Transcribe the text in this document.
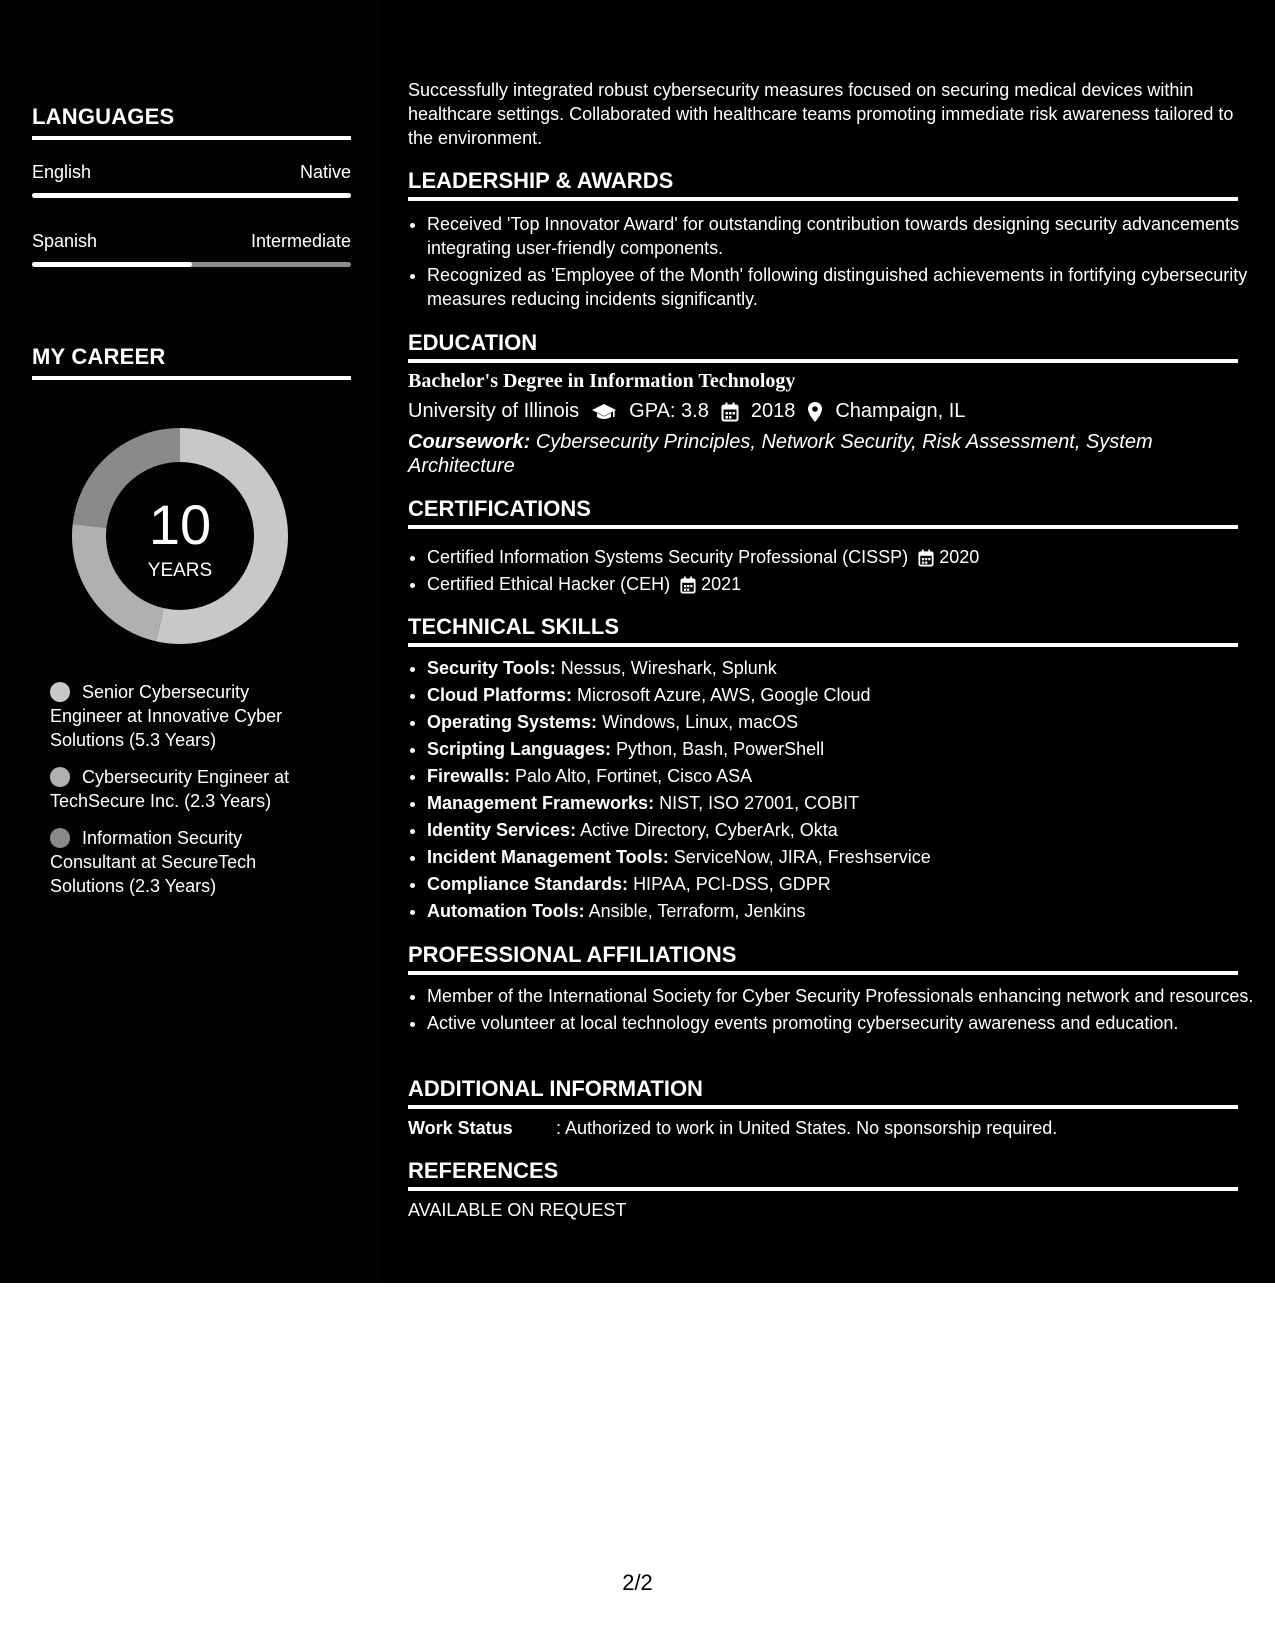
LANGUAGES
English	Native
Spanish	Intermediate
MY CAREER
10
YEARS
Senior Cybersecurity Engineer at Innovative Cyber Solutions (5.3 Years)
Cybersecurity Engineer at TechSecure Inc. (2.3 Years)
Information Security Consultant at SecureTech Solutions (2.3 Years)

Successfully integrated robust cybersecurity measures focused on securing medical devices within healthcare settings. Collaborated with healthcare teams promoting immediate risk awareness tailored to the environment.

LEADERSHIP & AWARDS
• Received 'Top Innovator Award' for outstanding contribution towards designing security advancements integrating user-friendly components.
• Recognized as 'Employee of the Month' following distinguished achievements in fortifying cybersecurity measures reducing incidents significantly.
EDUCATION
Bachelor's Degree in Information Technology
University of Illinois	GPA: 3.8 2018 Champaign, IL
Coursework: Cybersecurity Principles, Network Security, Risk Assessment, System Architecture
CERTIFICATIONS
• Certified Information Systems Security Professional (CISSP) 2020
• Certified Ethical Hacker (CEH) 2021
TECHNICAL SKILLS
• Security Tools: Nessus, Wireshark, Splunk
• Cloud Platforms: Microsoft Azure, AWS, Google Cloud
• Operating Systems: Windows, Linux, macOS
• Scripting Languages: Python, Bash, PowerShell
• Firewalls: Palo Alto, Fortinet, Cisco ASA
• Management Frameworks: NIST, ISO 27001, COBIT
• Identity Services: Active Directory, CyberArk, Okta
• Incident Management Tools: ServiceNow, JIRA, Freshservice
• Compliance Standards: HIPAA, PCI-DSS, GDPR
• Automation Tools: Ansible, Terraform, Jenkins
PROFESSIONAL AFFILIATIONS
• Member of the International Society for Cyber Security Professionals enhancing network and resources.
• Active volunteer at local technology events promoting cybersecurity awareness and education.
ADDITIONAL INFORMATION
Work Status : Authorized to work in United States. No sponsorship required.
REFERENCES
AVAILABLE ON REQUEST
2/2
